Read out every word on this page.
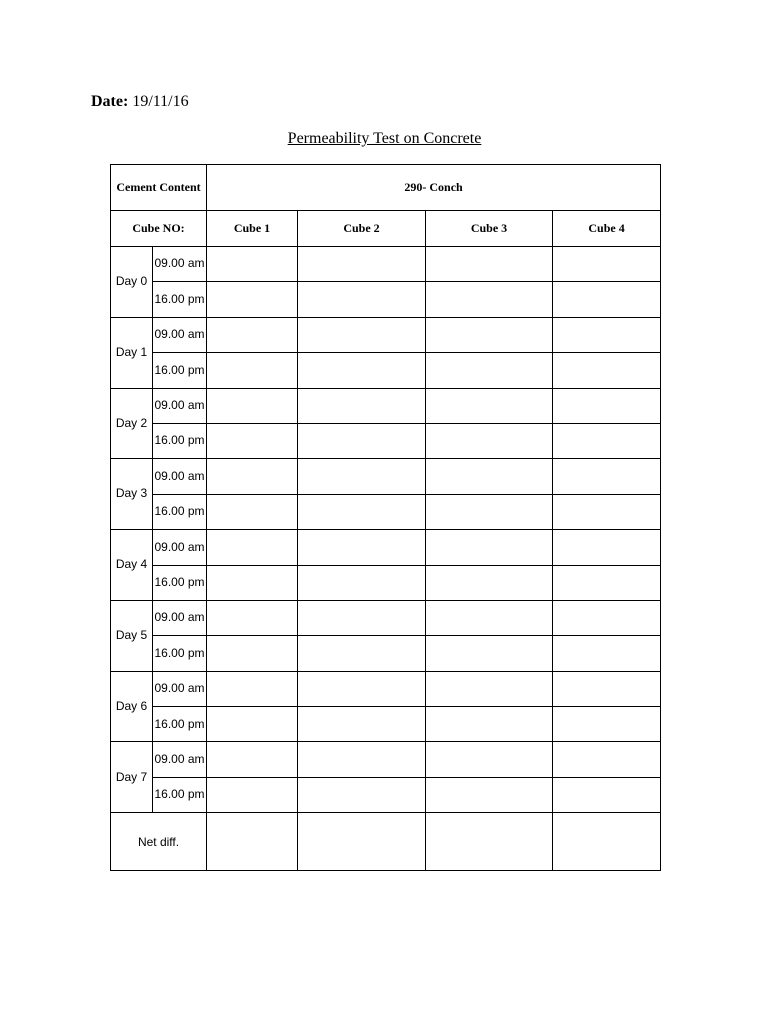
Date: 19/11/16
Permeability Test on Concrete
Cement Content		290- Conch			
Cube NO:		Cube 1	Cube 2	Cube 3	Cube 4
Day 0	09.00 am				
	16.00 pm				
Day 1	09.00 am				
	16.00 pm				
Day 2	09.00 am				
	16.00 pm				
Day 3	09.00 am				
	16.00 pm				
Day 4	09.00 am				
	16.00 pm				
Day 5	09.00 am				
	16.00 pm				
Day 6	09.00 am				
	16.00 pm				
Day 7	09.00 am				
	16.00 pm				
Net diff.					
